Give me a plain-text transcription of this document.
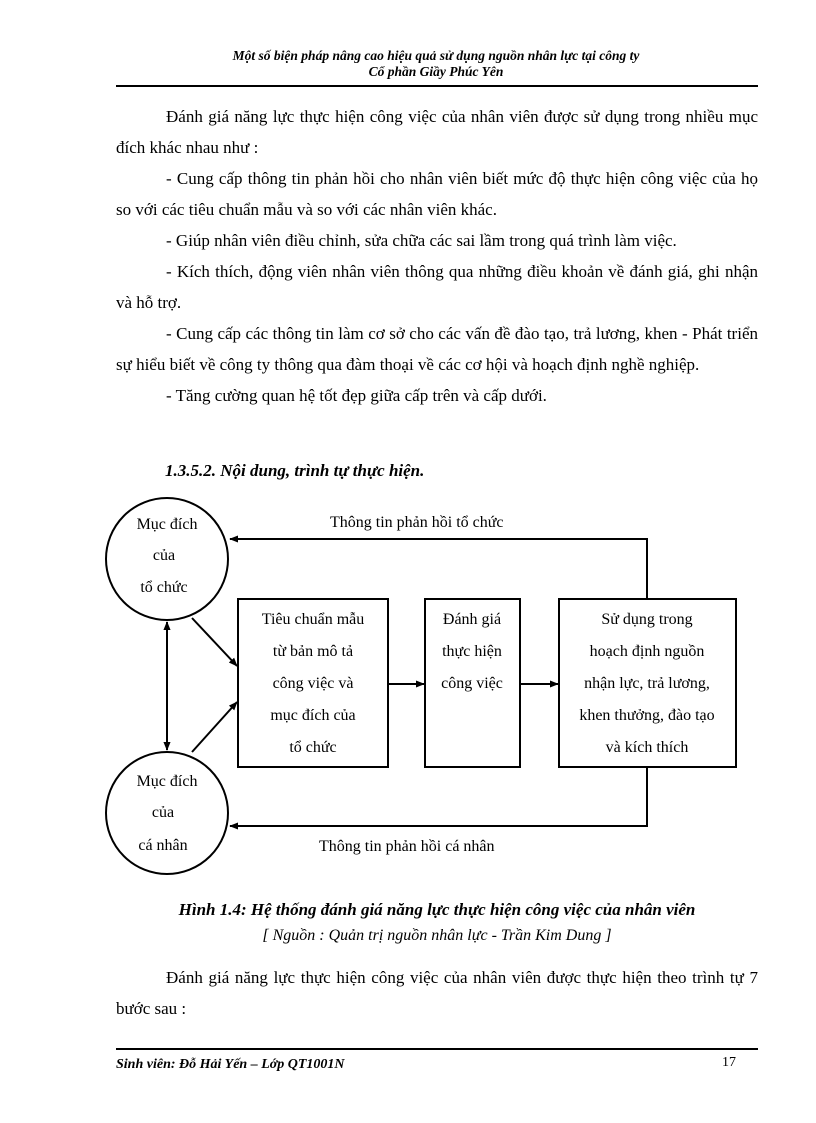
Một số biện pháp nâng cao hiệu quả sử dụng nguồn nhân lực tại công ty
Cổ phần Giầy Phúc Yên

Đánh giá năng lực thực hiện công việc của nhân viên được sử dụng trong nhiều mục đích khác nhau như :

- Cung cấp thông tin phản hồi cho nhân viên biết mức độ thực hiện công việc của họ so với các tiêu chuẩn mẫu và so với các nhân viên khác.

- Giúp nhân viên điều chỉnh, sửa chữa các sai lầm trong quá trình làm việc.

- Kích thích, động viên nhân viên thông qua những điều khoản về đánh giá, ghi nhận và hỗ trợ.

- Cung cấp các thông tin làm cơ sở cho các vấn đề đào tạo, trả lương, khen - Phát triển sự hiểu biết về công ty thông qua đàm thoại về các cơ hội và hoạch định nghề nghiệp.

- Tăng cường quan hệ tốt đẹp giữa cấp trên và cấp dưới.

1.3.5.2. Nội dung, trình tự thực hiện.
Mục đích
của
tổ chức
Mục đích
của
cá nhân
Tiêu chuẩn mẫu
từ bản mô tả
công việc và
mục đích của
tổ chức
Đánh giá
thực hiện
công việc
Sử dụng trong
hoạch định nguồn
nhận lực, trả lương,
khen thưởng, đào tạo
và kích thích
Thông tin phản hồi tổ chức
Thông tin phản hồi cá nhân
Hình 1.4: Hệ thống đánh giá năng lực thực hiện công việc của nhân viên
[ Nguồn : Quản trị nguồn nhân lực - Trần Kim Dung ]

Đánh giá năng lực thực hiện công việc của nhân viên được thực hiện theo trình tự 7 bước sau :

Sinh viên: Đỗ Hải Yến – Lớp QT1001N	17
